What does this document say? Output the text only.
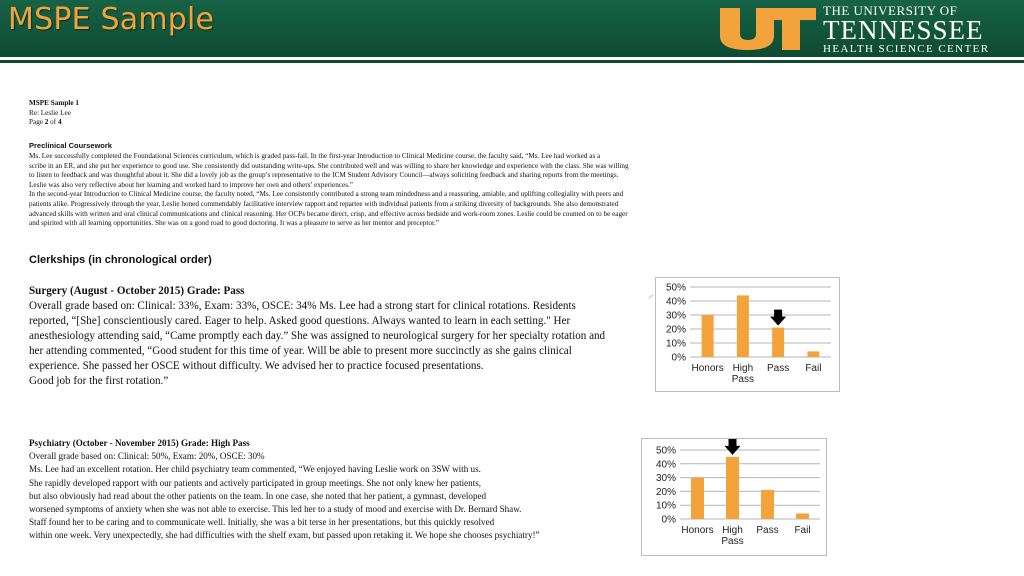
MSPE Sample	THE UNIVERSITY OF
TENNESSEE
HEALTH SCIENCE CENTER
MSPE Sample 1
Re: Leslie Lee
Page 2 of 4
Preclinical Coursework

Ms. Lee successfully completed the Foundational Sciences curriculum, which is graded pass-fail. In the first-year Introduction to Clinical Medicine course, the faculty said, “Ms. Lee had worked as a

scribe in an ER, and she put her experience to good use. She consistently did outstanding write-ups. She contributed well and was willing to share her knowledge and experience with the class. She was willing

to listen to feedback and was thoughtful about it. She did a lovely job as the group’s representative to the ICM Student Advisory Council—always soliciting feedback and sharing reports from the meetings.

Leslie was also very reflective about her learning and worked hard to improve her own and others’ experiences.”

In the second-year Introduction to Clinical Medicine course, the faculty noted, “Ms. Lee consistently contributed a strong team mindedness and a reassuring, amiable, and uplifting collegiality with peers and

patients alike. Progressively through the year, Leslie honed commendably facilitative interview rapport and repartee with individual patients from a striking diversity of backgrounds. She also demonstrated

advanced skills with written and oral clinical communications and clinical reasoning. Her OCPs became direct, crisp, and effective across bedside and work-room zones. Leslie could be counted on to be eager

and spirited with all learning opportunities. She was on a good road to good doctoring. It was a pleasure to serve as her mentor and preceptor.”

Clerkships (in chronological order)

Surgery (August - October 2015) Grade: Pass

Overall grade based on: Clinical: 33%, Exam: 33%, OSCE: 34% Ms. Lee had a strong start for clinical rotations. Residents

reported, “[She] conscientiously cared. Eager to help. Asked good questions. Always wanted to learn in each setting." Her

anesthesiology attending said, “Came promptly each day.” She was assigned to neurological surgery for her specialty rotation and

her attending commented, “Good student for this time of year. Will be able to present more succinctly as she gains clinical

experience. She passed her OSCE without difficulty. We advised her to practice focused presentations.

Good job for the first rotation.”

0%
10%
20%
30%
40%
50%
Honors High
Pass
Pass Fail

Psychiatry (October - November 2015) Grade: High Pass

Overall grade based on: Clinical: 50%, Exam: 20%, OSCE: 30%

Ms. Lee had an excellent rotation. Her child psychiatry team commented, “We enjoyed having Leslie work on 3SW with us.

She rapidly developed rapport with our patients and actively participated in group meetings. She not only knew her patients,

but also obviously had read about the other patients on the team. In one case, she noted that her patient, a gymnast, developed

worsened symptoms of anxiety when she was not able to exercise. This led her to a study of mood and exercise with Dr. Bernard Shaw.

Staff found her to be caring and to communicate well. Initially, she was a bit terse in her presentations, but this quickly resolved

within one week. Very unexpectedly, she had difficulties with the shelf exam, but passed upon retaking it. We hope she chooses psychiatry!”

0%
10%
20%
30%
40%
50%
Honors High
Pass
Pass Fail
